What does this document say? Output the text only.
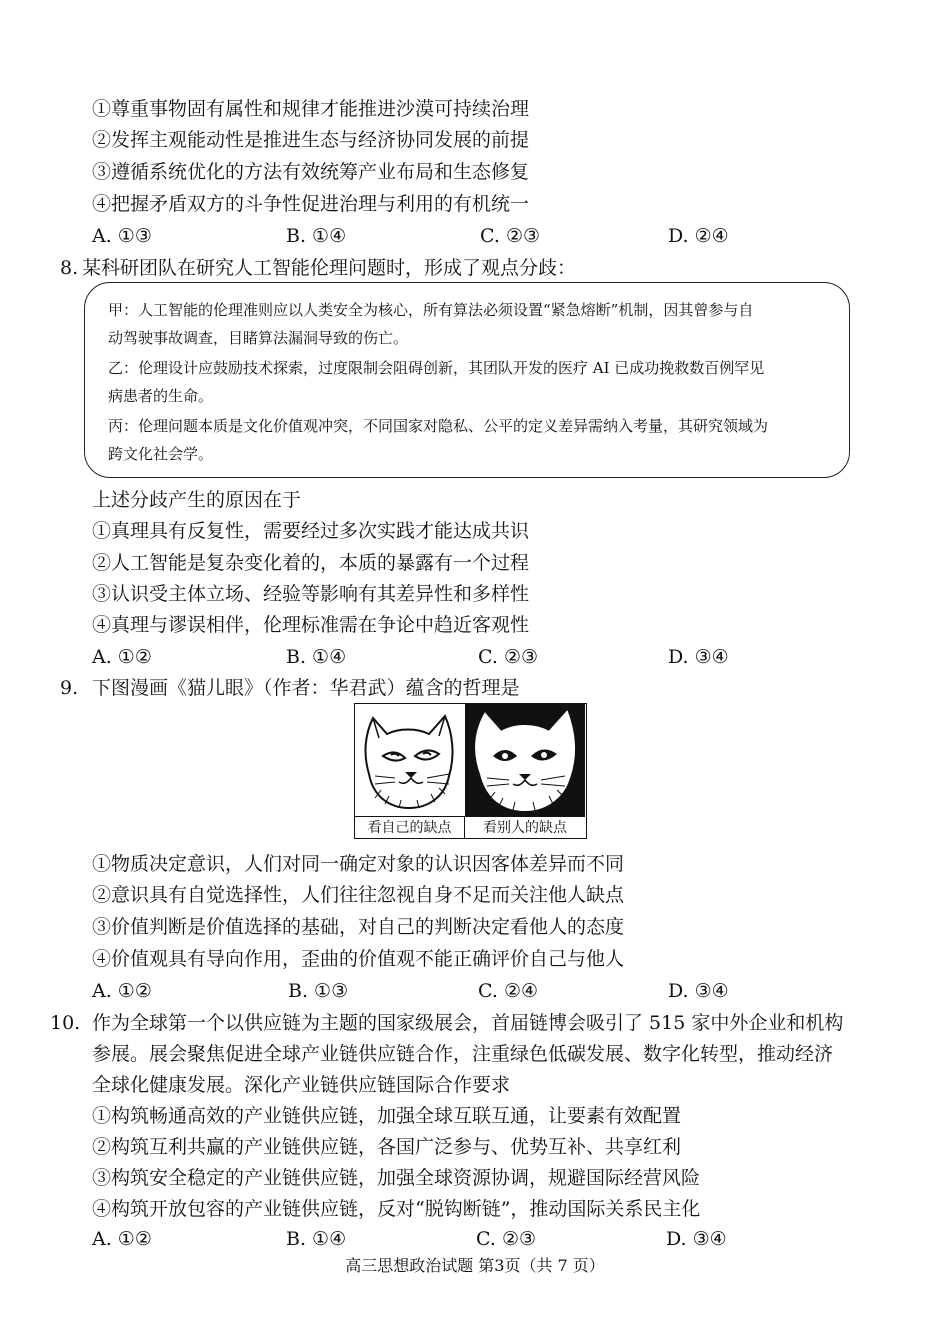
①尊重事物固有属性和规律才能推进沙漠可持续治理
②发挥主观能动性是推进生态与经济协同发展的前提
③遵循系统优化的方法有效统筹产业布局和生态修复
④把握矛盾双方的斗争性促进治理与利用的有机统一
A. ①③	B. ①④	C. ②③	D. ②④
8. 某科研团队在研究人工智能伦理问题时，形成了观点分歧：
甲：人工智能的伦理准则应以人类安全为核心，所有算法必须设置“紧急熔断”机制，因其曾参与自
动驾驶事故调查，目睹算法漏洞导致的伤亡。
乙：伦理设计应鼓励技术探索，过度限制会阻碍创新，其团队开发的医疗 AI 已成功挽救数百例罕见
病患者的生命。
丙：伦理问题本质是文化价值观冲突，不同国家对隐私、公平的定义差异需纳入考量，其研究领域为
跨文化社会学。
上述分歧产生的原因在于
①真理具有反复性，需要经过多次实践才能达成共识
②人工智能是复杂变化着的，本质的暴露有一个过程
③认识受主体立场、经验等影响有其差异性和多样性
④真理与谬误相伴，伦理标准需在争论中趋近客观性
A. ①②	B. ①④	C. ②③	D. ③④
9. 下图漫画《猫儿眼》（作者：华君武）蕴含的哲理是
看自己的缺点	看别人的缺点
①物质决定意识，人们对同一确定对象的认识因客体差异而不同
②意识具有自觉选择性，人们往往忽视自身不足而关注他人缺点
③价值判断是价值选择的基础，对自己的判断决定看他人的态度
④价值观具有导向作用，歪曲的价值观不能正确评价自己与他人
A. ①②	B. ①③	C. ②④	D. ③④
10. 作为全球第一个以供应链为主题的国家级展会，首届链博会吸引了 515 家中外企业和机构
参展。展会聚焦促进全球产业链供应链合作，注重绿色低碳发展、数字化转型，推动经济
全球化健康发展。深化产业链供应链国际合作要求
①构筑畅通高效的产业链供应链，加强全球互联互通，让要素有效配置
②构筑互利共赢的产业链供应链，各国广泛参与、优势互补、共享红利
③构筑安全稳定的产业链供应链，加强全球资源协调，规避国际经营风险
④构筑开放包容的产业链供应链，反对“脱钩断链”，推动国际关系民主化
A. ①②	B. ①④	C. ②③	D. ③④
高三思想政治试题 第3页（共 7 页）
